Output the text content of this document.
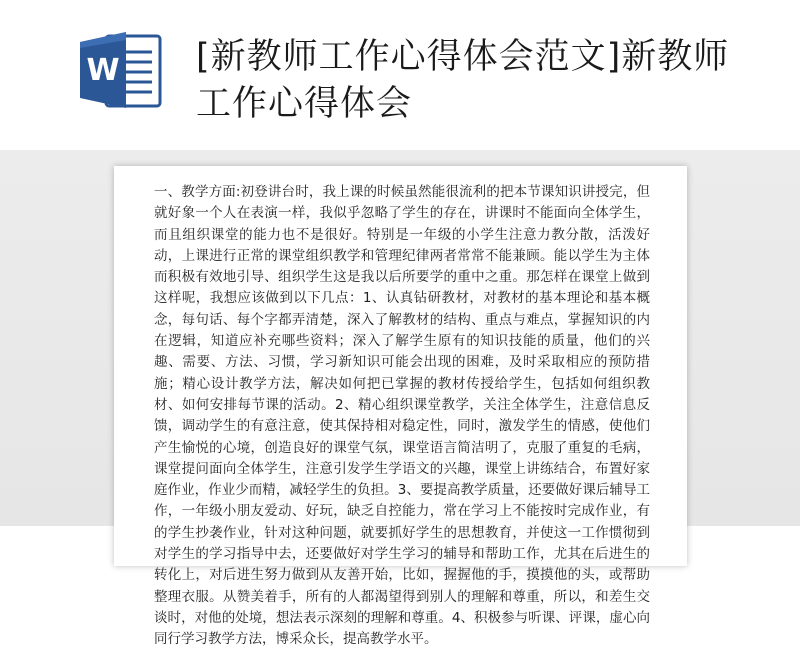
W [新教师工作心得体会范文]新教师工作心得体会
一、教学方面:初登讲台时，我上课的时候虽然能很流利的把本节课知识讲授完，但就好象一个人在表演一样，我似乎忽略了学生的存在，讲课时不能面向全体学生，而且组织课堂的能力也不是很好。特别是一年级的小学生注意力教分散，活泼好动，上课进行正常的课堂组织教学和管理纪律两者常常不能兼顾。能以学生为主体而积极有效地引导、组织学生这是我以后所要学的重中之重。那怎样在课堂上做到这样呢，我想应该做到以下几点：1、认真钻研教材，对教材的基本理论和基本概念，每句话、每个字都弄清楚，深入了解教材的结构、重点与难点，掌握知识的内在逻辑，知道应补充哪些资料；深入了解学生原有的知识技能的质量，他们的兴趣、需要、方法、习惯，学习新知识可能会出现的困难，及时采取相应的预防措施；精心设计教学方法，解决如何把已掌握的教材传授给学生，包括如何组织教材、如何安排每节课的活动。2、精心组织课堂教学，关注全体学生，注意信息反馈，调动学生的有意注意，使其保持相对稳定性，同时，激发学生的情感，使他们产生愉悦的心境，创造良好的课堂气氛，课堂语言简洁明了，克服了重复的毛病，课堂提问面向全体学生，注意引发学生学语文的兴趣，课堂上讲练结合，布置好家庭作业，作业少而精，减轻学生的负担。3、要提高教学质量，还要做好课后辅导工作，一年级小朋友爱动、好玩，缺乏自控能力，常在学习上不能按时完成作业，有的学生抄袭作业，针对这种问题，就要抓好学生的思想教育，并使这一工作惯彻到对学生的学习指导中去，还要做好对学生学习的辅导和帮助工作，尤其在后进生的转化上，对后进生努力做到从友善开始，比如，握握他的手，摸摸他的头，或帮助整理衣服。从赞美着手，所有的人都渴望得到别人的理解和尊重，所以，和差生交谈时，对他的处境，想法表示深刻的理解和尊重。4、积极参与听课、评课，虚心向同行学习教学方法，博采众长，提高教学水平。
